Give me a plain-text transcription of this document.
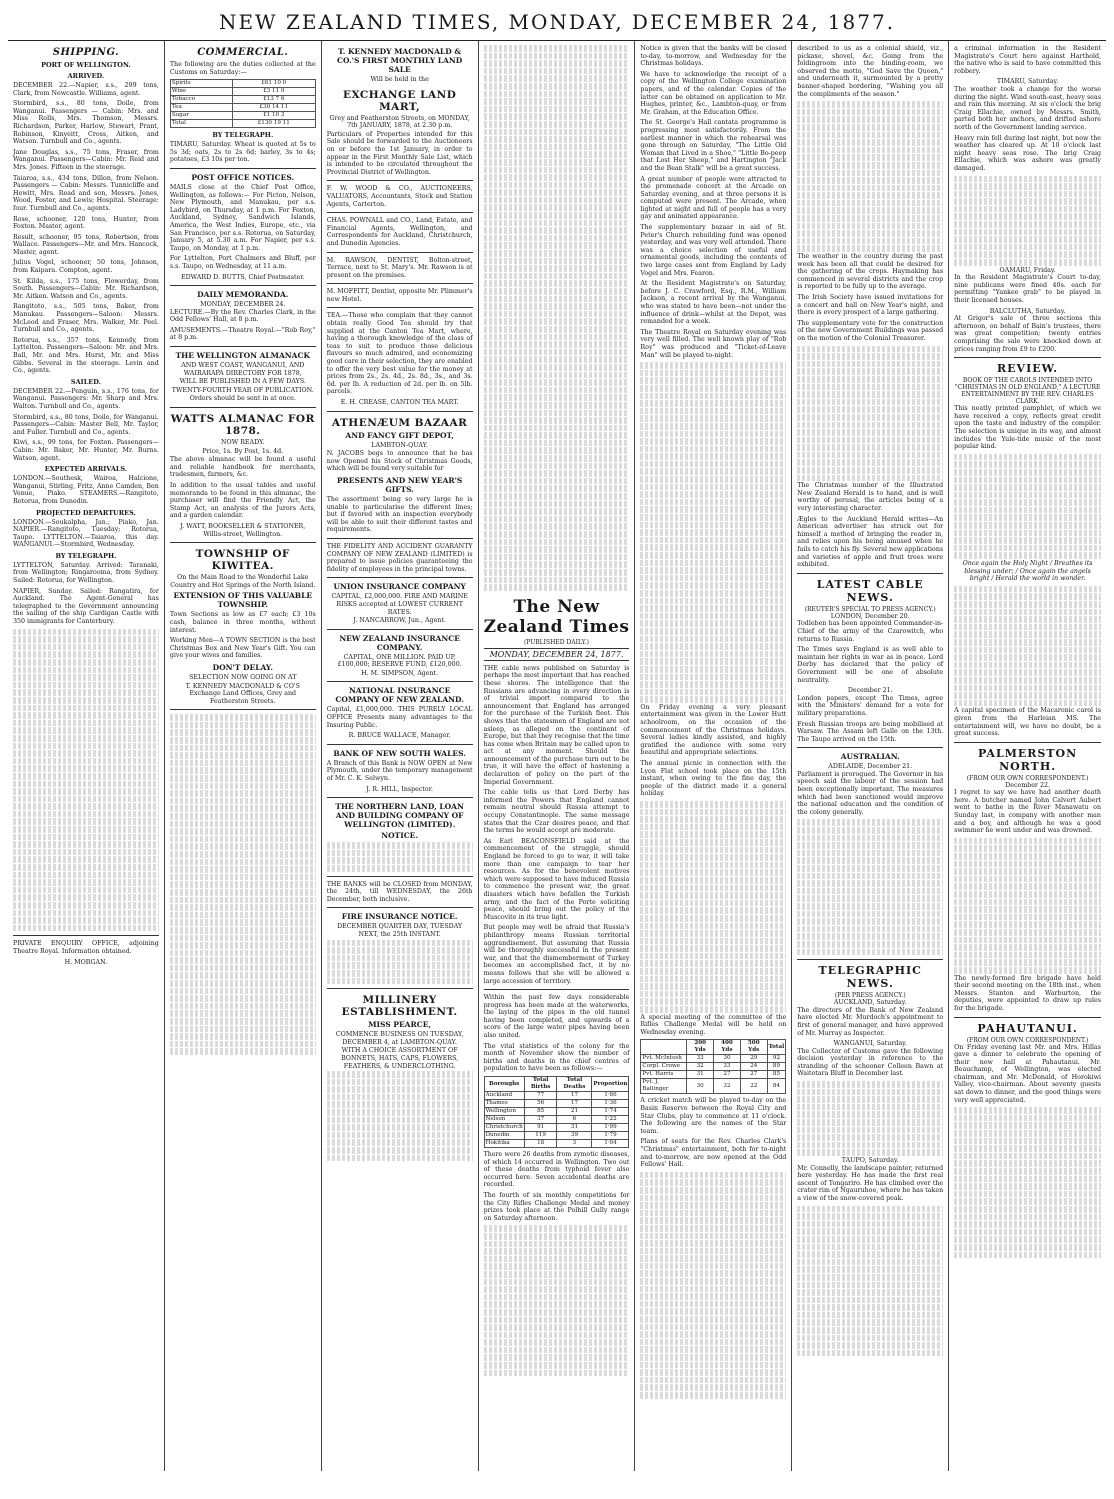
NEW ZEALAND TIMES, MONDAY, DECEMBER 24, 1877.
SHIPPING.
PORT OF WELLINGTON.
ARRIVED.

DECEMBER 22.—Napier, s.s., 299 tons, Clark, from Newcastle. Williams, agent.

Stormbird, s.s., 80 tons, Doile, from Wanganui. Passengers — Cabin: Mrs. and Miss Rolls, Mrs. Thomson, Messrs. Richardson, Parker, Harlow, Stewart, Prant, Robinson, Kinyeitt, Cross, Aitken, and Watson. Turnbull and Co., agents.

Jane Douglas, s.s., 75 tons, Fraser, from Wanganui. Passengers—Cabin: Mr. Reid and Mrs. Jones. Fifteen in the steerage.

Taiaroa, s.s., 434 tons, Dillon, from Nelson. Passengers — Cabin: Messrs. Tunnicliffe and Hewitt, Mrs. Read and son, Messrs. Jones, Wood, Foster, and Lewis; Hospital. Steerage: four. Turnbull and Co., agents.

Rose, schooner, 120 tons, Hunter, from Foxton. Master, agent.

Result, schooner, 95 tons, Robertson, from Wallace. Passengers—Mr. and Mrs. Hancock, Master, agent.

Julius Vogel, schooner, 50 tons, Johnson, from Kaipara. Compton, agent.

St. Kilda, s.s., 175 tons, Flowerday, from South. Passengers—Cabin: Mr. Richardson, Mr. Aitken. Watson and Co., agents.

Rangitoto, s.s., 505 tons, Baker, from Manukau. Passengers—Saloon: Messrs. McLeod and Fraser, Mrs. Walker, Mr. Peel. Turnbull and Co., agents.

Rotorua, s.s., 357 tons, Kennedy, from Lyttelton. Passengers—Saloon: Mr. and Mrs. Ball, Mr. and Mrs. Hurst, Mr. and Miss Gibbs. Several in the steerage. Levin and Co., agents.

SAILED.

DECEMBER 22.—Penguin, s.s., 176 tons, for Wanganui. Passengers: Mr. Sharp and Mrs. Walton. Turnbull and Co., agents.

Stormbird, s.s., 80 tons, Doile, for Wanganui. Passengers—Cabin: Master Bell, Mr. Taylor, and Fuller. Turnbull and Co., agents.

Kiwi, s.s., 99 tons, for Foxton. Passengers—Cabin: Mr. Baker, Mr. Hunter, Mr. Burns. Watson, agent.

EXPECTED ARRIVALS.

LONDON.—Southesk, Wairoa, Halcione, Wanganui, Stirling, Fritz, Anne Camden, Ben Venue, Piako. STEAMERS.—Rangitoto, Rotorua, from Dunedin.

PROJECTED DEPARTURES.

LONDON.—Soukalpha, Jan.; Piako, Jan. NAPIER.—Rangitoto, Tuesday; Rotorua, Taupo. LYTTELTON.—Taiaroa, this day. WANGANUI.—Stormbird, Wednesday.

BY TELEGRAPH.

LYTTELTON, Saturday. Arrived: Taranaki, from Wellington; Ringarooma, from Sydney. Sailed: Rotorua, for Wellington.

NAPIER, Sunday. Sailed: Rangatira, for Auckland. The Agent-General has telegraphed to the Government announcing the sailing of the ship Cardigan Castle with 350 immigrants for Canterbury.

PRIVATE ENQUIRY OFFICE, adjoining Theatre Royal. Information obtained.

H. MORGAN.
COMMERCIAL.

The following are the duties collected at the Customs on Saturday:—

Spirits	£61 10 0
Wine	£3 11 0
Tobacco	£13 7 6
Tea	£30 14 11
Sugar	£1 10 3
Total	£130 19 11
BY TELEGRAPH.

TIMARU, Saturday. Wheat is quoted at 5s to 5s 3d; oats, 2s to 2s 6d; barley, 3s to 4s; potatoes, £3 10s per ton.

POST OFFICE NOTICES.

MAILS close at the Chief Post Office, Wellington, as follows:— For Picton, Nelson, New Plymouth, and Manukau, per s.s. Ladybird, on Thursday, at 1 p.m. For Foxton, Auckland, Sydney, Sandwich Islands, America, the West Indies, Europe, etc., via San Francisco, per s.s. Rotorua, on Saturday, January 5, at 5.30 a.m. For Napier, per s.s. Taupo, on Monday, at 1 p.m.

For Lyttelton, Port Chalmers and Bluff, per s.s. Taupo, on Wednesday, at 11 a.m.

EDWARD D. BUTTS, Chief Postmaster.
DAILY MEMORANDA.
MONDAY, DECEMBER 24.

LECTURE.—By the Rev. Charles Clark, in the Odd Fellows' Hall, at 8 p.m.

AMUSEMENTS.—Theatre Royal.—"Rob Roy," at 8 p.m.

THE WELLINGTON ALMANACK
AND WEST COAST, WANGANUI, AND WAIRARAPA DIRECTORY FOR 1878,
WILL BE PUBLISHED IN A FEW DAYS.
TWENTY-FOURTH YEAR OF PUBLICATION.
Orders should be sent in at once.
WATTS ALMANAC FOR 1878.
NOW READY.
Price, 1s. By Post, 1s. 4d.

The above almanac will be found a useful and reliable handbook for merchants, tradesmen, farmers, &c.

In addition to the usual tables and useful memoranda to be found in this almanac, the purchaser will find the Friendly Act, the Stamp Act, an analysis of the Jurors Acts, and a garden calendar.

J. WATT, BOOKSELLER & STATIONER, Willis-street, Wellington.
TOWNSHIP OF KIWITEA.
On the Main Road to the Wonderful Lake Country and Hot Springs of the North Island.
EXTENSION OF THIS VALUABLE TOWNSHIP.

Town Sections as low as £7 each; £3 10s cash, balance in three months, without interest.

Working Men—A TOWN SECTION is the best Christmas Box and New Year's Gift. You can give your wives and families.

DON'T DELAY.
SELECTION NOW GOING ON AT
T. KENNEDY MACDONALD & CO'S Exchange Land Offices, Grey and Featherston Streets.
T. KENNEDY MACDONALD & CO.'S FIRST MONTHLY LAND SALE
Will be held in the
EXCHANGE LAND MART,
Grey and Featherston Streets, on MONDAY, 7th JANUARY, 1878, at 2.30 p.m.

Particulars of Properties intended for this Sale should be forwarded to the Auctioneers on or before the 1st January, in order to appear in the First Monthly Sale List, which is intended to be circulated throughout the Provincial District of Wellington.

F. W. WOOD & CO., AUCTIONEERS, VALUATORS, Accountants, Stock and Station Agents, Carterton.

CHAS. POWNALL and CO., Land, Estate, and Financial Agents, Wellington, and Correspondents for Auckland, Christchurch, and Dunedin Agencies.

M. RAWSON, DENTIST, Bolton-street, Terrace, next to St. Mary's. Mr. Rawson is at present on the premises.

M. MOFFITT, Dentist, opposite Mr. Plimmer's new Hotel.

TEA.—Those who complain that they cannot obtain really Good Tea should try that supplied at the Canton Tea Mart, where, having a thorough knowledge of the class of teas to suit to produce those delicious flavours so much admired, and economizing good care in their selection, they are enabled to offer the very best value for the money at prices from 2s., 2s. 4d., 2s. 8d., 3s., and 3s. 6d. per lb. A reduction of 2d. per lb. on 5lb. parcels.

E. H. CREASE, CANTON TEA MART.
ATHENÆUM BAZAAR
AND FANCY GIFT DEPOT,
LAMBTON-QUAY.

N. JACOBS begs to announce that he has now Opened his Stock of Christmas Goods, which will be found very suitable for

PRESENTS AND NEW YEAR'S GIFTS.

The assortment being so very large he is unable to particularise the different lines; but if favored with an inspection everybody will be able to suit their different tastes and requirements.

THE FIDELITY AND ACCIDENT GUARANTY COMPANY OF NEW ZEALAND (LIMITED) is prepared to issue policies guaranteeing the fidelity of employees in the principal towns.

UNION INSURANCE COMPANY
CAPITAL, £2,000,000. FIRE AND MARINE RISKS accepted at LOWEST CURRENT RATES.
J. NANCARROW, Jun., Agent.
NEW ZEALAND INSURANCE COMPANY.
CAPITAL, ONE MILLION. PAID UP, £100,000; RESERVE FUND, £120,000.
H. M. SIMPSON, Agent.
NATIONAL INSURANCE COMPANY OF NEW ZEALAND.

Capital, £1,000,000. THIS PURELY LOCAL OFFICE Presents many advantages to the Insuring Public.

R. BRUCE WALLACE, Manager.
BANK OF NEW SOUTH WALES.

A Branch of this Bank is NOW OPEN at New Plymouth, under the temporary management of Mr. C. K. Selwyn.

J. R. HILL, Inspector.
THE NORTHERN LAND, LOAN AND BUILDING COMPANY OF WELLINGTON (LIMITED).
NOTICE.

THE BANKS will be CLOSED from MONDAY, the 24th, till WEDNESDAY, the 26th December, both inclusive.

FIRE INSURANCE NOTICE.
DECEMBER QUARTER DAY, TUESDAY NEXT, the 25th INSTANT.
MILLINERY ESTABLISHMENT.
MISS PEARCE,
COMMENCE BUSINESS ON TUESDAY, DECEMBER 4, at LAMBTON-QUAY.
WITH A CHOICE ASSORTMENT OF BONNETS, HATS, CAPS, FLOWERS, FEATHERS, & UNDERCLOTHING.
The New Zealand Times
(PUBLISHED DAILY.)
MONDAY, DECEMBER 24, 1877.

THE cable news published on Saturday is perhaps the most important that has reached these shores. The intelligence that the Russians are advancing in every direction is of trivial import compared to the announcement that England has arranged for the purchase of the Turkish fleet. This shows that the statesmen of England are not asleep, as alleged on the continent of Europe, but that they recognise that the time has come when Britain may be called upon to act at any moment. Should the announcement of the purchase turn out to be true, it will have the effect of hastening a declaration of policy on the part of the Imperial Government.

The cable tells us that Lord Derby has informed the Powers that England cannot remain neutral should Russia attempt to occupy Constantinople. The same message states that the Czar desires peace, and that the terms he would accept are moderate.

As Earl BEACONSFIELD said at the commencement of the struggle, should England be forced to go to war, it will take more than one campaign to tear her resources. As for the benevolent motives which were supposed to have induced Russia to commence the present war, the great disasters which have befallen the Turkish army, and the fact of the Porte soliciting peace, should bring out the policy of the Muscovite in its true light.

But people may well be afraid that Russia's philanthropy means Russian territorial aggrandisement. But assuming that Russia will be thoroughly successful in the present war, and that the dismemberment of Turkey becomes an accomplished fact, it by no means follows that she will be allowed a large accession of territory.

Within the past few days considerable progress has been made at the waterworks, the laying of the pipes in the old tunnel having been completed, and upwards of a score of the large water pipes having been also united.

The vital statistics of the colony for the month of November show the number of births and deaths in the chief centres of population to have been as follows:—

Boroughs	Total Births	Total Deaths	Proportion
Auckland	77	17	1·86
Thames	56	17	1·36
Wellington	85	21	1·74
Nelson	37	6	1·22
Christchurch	91	31	1·99
Dunedin	119	39	1·79
Hokitika	18	3	1·04

There were 26 deaths from zymotic diseases, of which 14 occurred in Wellington. Two out of these deaths from typhoid fever also occurred here. Seven accidental deaths are recorded.

The fourth of six monthly competitions for the City Rifles Challenge Medal and money prizes took place at the Polhill Gully range on Saturday afternoon.

Notice is given that the banks will be closed to-day, to-morrow, and Wednesday for the Christmas holidays.

We have to acknowledge the receipt of a copy of the Wellington College examination papers, and of the calendar. Copies of the latter can be obtained on application to Mr. Hughes, printer, &c., Lambton-quay, or from Mr. Graham, at the Education Office.

The St. George's Hall cantata programme is progressing most satisfactorily. From the earliest manner in which the rehearsal was gone through on Saturday, "The Little Old Woman that Lived in a Shoe," "Little Bo-peep that Lost Her Sheep," and Hartington "Jack and the Bean Stalk" will be a great success.

A great number of people were attracted to the promenade concert at the Arcade on Saturday evening, and at three persons it is computed were present. The Arcade, when lighted at night and full of people has a very gay and animated appearance.

The supplementary bazaar in aid of St. Peter's Church rebuilding fund was opened yesterday, and was very well attended. There was a choice selection of useful and ornamental goods, including the contents of two large cases sent from England by Lady Vogel and Mrs. Fearon.

At the Resident Magistrate's on Saturday, before J. C. Crawford, Esq., R.M., William Jackson, a recent arrival by the Wanganui, who was stated to have been—not under the influence of drink—whilst at the Depot, was remanded for a week.

The Theatre Royal on Saturday evening was very well filled. The well known play of "Rob Roy" was produced and "Ticket-of-Leave Man" will be played to-night.

On Friday evening a very pleasant entertainment was given in the Lower Hutt schoolroom, on the occasion of the commencement of the Christmas holidays. Several ladies kindly assisted, and highly gratified the audience with some very beautiful and appropriate selections.

The annual picnic in connection with the Lyon Flat school took place on the 15th instant, when owing to the fine day, the people of the district made it a general holiday.

A special meeting of the committee of the Rifles Challenge Medal will be held on Wednesday evening.

	200 Yds	400 Yds	500 Yds	Total
Pvt. McIntosh	33	30	29	92
Corpl. Crowe	32	33	24	89
Pvt. Harris	31	27	27	85
Pvt. J. Ballinger	30	32	22	84

A cricket match will be played to-day on the Basin Reserve between the Royal City and Star Clubs, play to commence at 11 o'clock. The following are the names of the Star team.

Plans of seats for the Rev. Charles Clark's "Christmas" entertainment, both for to-night and to-morrow, are now opened at the Odd Fellows' Hall.

described to us as a colonial shield, viz., pickaxe, shovel, &c. Going from the foldingroom into the binding-room, we observed the motto, "God Save the Queen," and underneath it, surmounted by a pretty banner-shaped bordering, "Wishing you all the compliments of the season."

The weather in the country during the past week has been all that could be desired for the gathering of the crops. Haymaking has commenced in several districts and the crop is reported to be fully up to the average.

The Irish Society have issued invitations for a concert and ball on New Year's night, and there is every prospect of a large gathering.

The supplementary vote for the construction of the new Government Buildings was passed on the motion of the Colonial Treasurer.

The Christmas number of the Illustrated New Zealand Herald is to hand, and is well worthy of perusal, the articles being of a very interesting character.

Ægles to the Auckland Herald writes—An American advertiser has struck out for himself a method of bringing the reader in, and relies upon his being amused when he fails to catch his fly. Several new applications and varieties of apple and fruit trees were exhibited.

LATEST CABLE NEWS.
(REUTER'S SPECIAL TO PRESS AGENCY.)
LONDON, December 20.

Todleben has been appointed Commander-in-Chief of the army of the Czarowitch, who returns to Russia.

The Times says England is as well able to maintain her rights in war as in peace. Lord Derby has declared that the policy of Government will be one of absolute neutrality.

December 21.

London papers, except The Times, agree with the Ministers' demand for a vote for military preparations.

Fresh Russian troops are being mobilised at Warsaw. The Assam left Galle on the 13th. The Taupo arrived on the 15th.

AUSTRALIAN.
ADELAIDE, December 21.

Parliament is prorogued. The Governor in his speech said the labour of the session had been exceptionally important. The measures which had been sanctioned would improve the national education and the condition of the colony generally.

TELEGRAPHIC NEWS.
(PER PRESS AGENCY.)
AUCKLAND, Saturday.

The directors of the Bank of New Zealand have elected Mr. Murdoch's appointment to first of general manager, and have approved of Mr. Murray as Inspector.

WANGANUI, Saturday.

The Collector of Customs gave the following decision yesterday in reference to the stranding of the schooner Colleen Bawn at Waitotara Bluff in December last.

TAUPO, Saturday.

Mr. Connelly, the landscape painter, returned here yesterday. He has made the first real ascent of Tongariro. He has climbed over the crater rim of Ngauruhoe, where he has taken a view of the snow-covered peak.

a criminal information in the Resident Magistrate's Court here against Harthold, the native who is said to have committed this robbery.

TIMARU, Saturday.

The weather took a change for the worse during the night. Wind south-east, heavy seas and rain this morning. At six o'clock the brig Craig Ellachie, owned by Messrs. Smith, parted both her anchors, and drifted ashore north of the Government landing service.

Heavy rain fell during last night, but now the weather has cleared up. At 10 o'clock last night heavy seas rose. The brig Craig Ellachie, which was ashore was greatly damaged.

OAMARU, Friday.

In the Resident Magistrate's Court to-day, nine publicans were fined 40s. each for permitting "Yankee grab" to be played in their licensed houses.

BALCLUTHA, Saturday.

At Grigor's sale of three sections this afternoon, on behalf of Bain's trustees, there was great competition; twenty entries comprising the sale were knocked down at prices ranging from £9 to £200.

REVIEW.
BOOK OF THE CAROLS INTENDED INTO "CHRISTMAS IN OLD ENGLAND," A LECTURE ENTERTAINMENT BY THE REV. CHARLES CLARK.

This neatly printed pamphlet, of which we have received a copy, reflects great credit upon the taste and industry of the compiler. The selection is unique in its way, and almost includes the Yule-tide music of the most popular kind.

Once again the Holy Night / Breathes its blessing under; / Once again the angels bright / Herald the world in wonder.

A capital specimen of the Macaronic carol is given from the Harleian MS. The entertainment will, we have no doubt, be a great success.

PALMERSTON NORTH.
(FROM OUR OWN CORRESPONDENT.)
December 22.

I regret to say we have had another death here. A butcher named John Calvert Aubert went to bathe in the River Manawatu on Sunday last, in company with another man and a boy, and although he was a good swimmer he went under and was drowned.

The newly-formed fire brigade have held their second meeting on the 18th inst., when Messrs. Stanton and Warburton, the deputies, were appointed to draw up rules for the brigade.

PAHAUTANUI.
(FROM OUR OWN CORRESPONDENT.)

On Friday evening last Mr. and Mrs. Hillas gave a dinner to celebrate the opening of their new hall at Pahautanui. Mr. Beauchamp, of Wellington, was elected chairman, and Mr. McDonald, of Horokiwi Valley, vice-chairman. About seventy guests sat down to dinner, and the good things were very well appreciated.
